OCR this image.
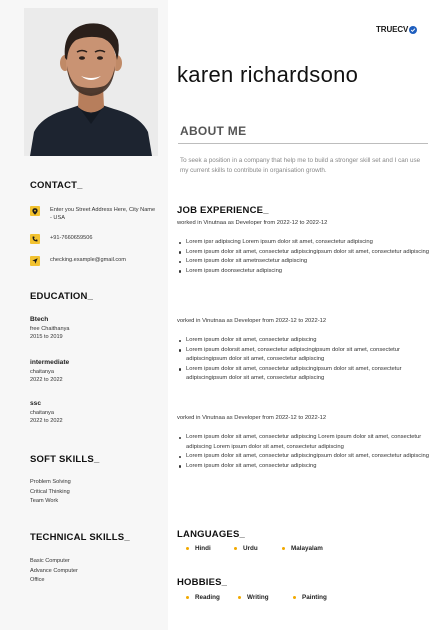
CONTACT_
Enter you Street Address Here, City Name - USA
+91-7660659506
checking.example@gmail.com
EDUCATION_
Btech
free Chaithanya
2015 to 2019
intermediate
chaitanya
2022 to 2022
ssc
chaitanya
2022 to 2022
SOFT SKILLS_
Problem Solving
Critical Thinking
Team Work
TECHNICAL SKILLS_
Basic Computer
Advance Computer
Office
TRUECV
karen richardsono
ABOUT ME
To seek a position in a company that help me to build a stronger skill set and I can use my current skills to contribute in organisation growth.
JOB EXPERIENCE_
worked in Vinutnaa as Developer from 2022-12 to 2022-12
Lorem ipsr adipiscing Lorem ipsum dolor sit amet, consectetur adipiscing
Lorem ipsum dolor sit amet, consectetur adipiscingipsum dolor sit amet, consectetur adipiscing
Lorem ipsum dolor sit ametnsectetur adipiscing
Lorem ipsum doonsectetur adipiscing
vorked in Vinutnaa as Developer from 2022-12 to 2022-12
Lorem ipsum dolor sit amet, consectetur adipiscing
Lorem ipsum dolorsit amet, consectetur adipiscingipsum dolor sit amet, consectetur adipiscingipsum dolor sit amet, consectetur adipiscing
Lorem ipsum dolor sit amet, consectetur adipiscingipsum dolor sit amet, consectetur adipiscingipsum dolor sit amet, consectetur adipiscing
vorked in Vinutnaa as Developer from 2022-12 to 2022-12
Lorem ipsum dolor sit amet, consectetur adipiscing Lorem ipsum dolor sit amet, consectetur adipiscing Lorem ipsum dolor sit amet, consectetur adipiscing
Lorem ipsum dolor sit amet, consectetur adipiscingipsum dolor sit amet, consectetur adipiscing
Lorem ipsum dolor sit amet, consectetur adipiscing
LANGUAGES_
Hindi	Urdu	Malayalam
HOBBIES_
Reading	Writing	Painting
